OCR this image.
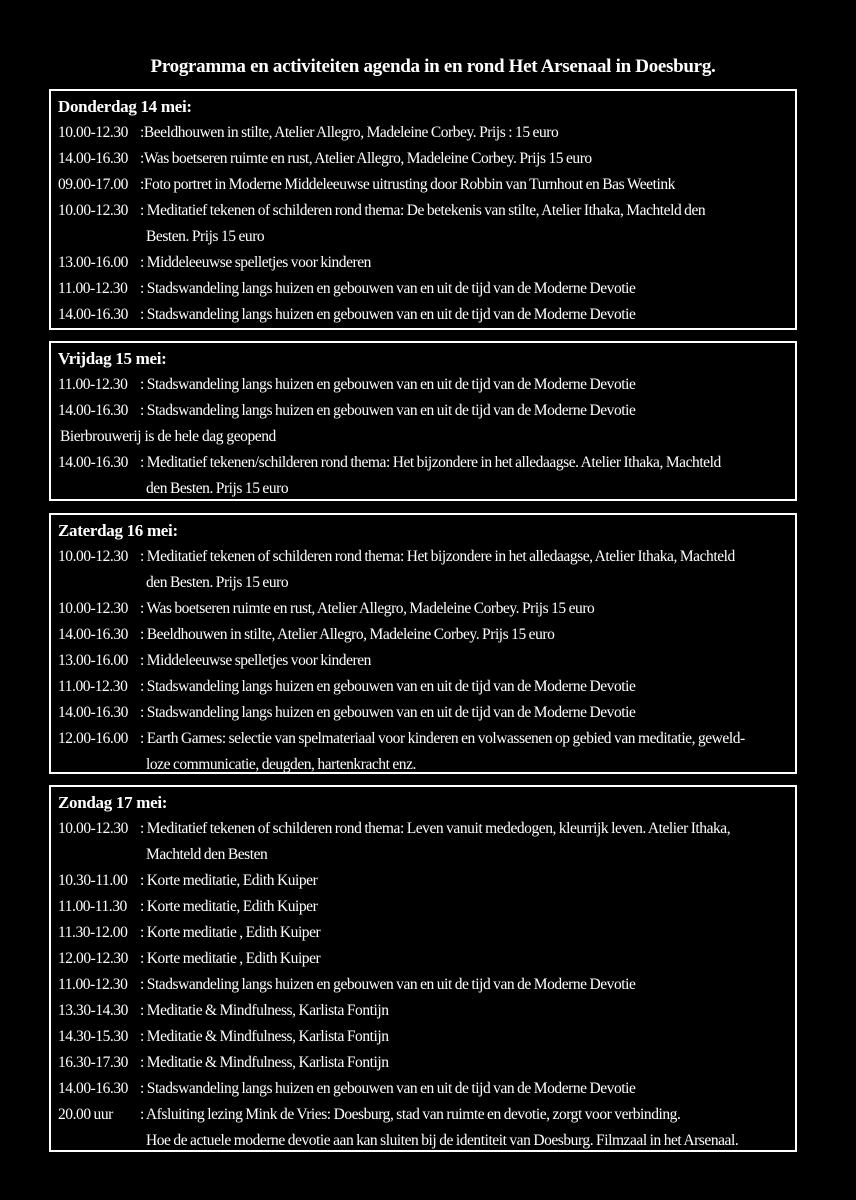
Programma en activiteiten agenda in en rond Het Arsenaal in Doesburg.
Donderdag 14 mei:
10.00-12.30 :Beeldhouwen in stilte, Atelier Allegro, Madeleine Corbey. Prijs : 15 euro
14.00-16.30 :Was boetseren ruimte en rust, Atelier Allegro, Madeleine Corbey. Prijs 15 euro
09.00-17.00 :Foto portret in Moderne Middeleeuwse uitrusting door Robbin van Turnhout en Bas Weetink
10.00-12.30 : Meditatief tekenen of schilderen rond thema: De betekenis van stilte, Atelier Ithaka, Machteld den
Besten. Prijs 15 euro
13.00-16.00 : Middeleeuwse spelletjes voor kinderen
11.00-12.30 : Stadswandeling langs huizen en gebouwen van en uit de tijd van de Moderne Devotie
14.00-16.30 : Stadswandeling langs huizen en gebouwen van en uit de tijd van de Moderne Devotie
Vrijdag 15 mei:
11.00-12.30 : Stadswandeling langs huizen en gebouwen van en uit de tijd van de Moderne Devotie
14.00-16.30 : Stadswandeling langs huizen en gebouwen van en uit de tijd van de Moderne Devotie
Bierbrouwerij is de hele dag geopend
14.00-16.30 : Meditatief tekenen/schilderen rond thema: Het bijzondere in het alledaagse. Atelier Ithaka, Machteld
den Besten. Prijs 15 euro
Zaterdag 16 mei:
10.00-12.30 : Meditatief tekenen of schilderen rond thema: Het bijzondere in het alledaagse, Atelier Ithaka, Machteld
den Besten. Prijs 15 euro
10.00-12.30 : Was boetseren ruimte en rust, Atelier Allegro, Madeleine Corbey. Prijs 15 euro
14.00-16.30 : Beeldhouwen in stilte, Atelier Allegro, Madeleine Corbey. Prijs 15 euro
13.00-16.00 : Middeleeuwse spelletjes voor kinderen
11.00-12.30 : Stadswandeling langs huizen en gebouwen van en uit de tijd van de Moderne Devotie
14.00-16.30 : Stadswandeling langs huizen en gebouwen van en uit de tijd van de Moderne Devotie
12.00-16.00 : Earth Games: selectie van spelmateriaal voor kinderen en volwassenen op gebied van meditatie, geweld-
loze communicatie, deugden, hartenkracht enz.
Zondag 17 mei:
10.00-12.30 : Meditatief tekenen of schilderen rond thema: Leven vanuit mededogen, kleurrijk leven. Atelier Ithaka,
Machteld den Besten
10.30-11.00 : Korte meditatie, Edith Kuiper
11.00-11.30 : Korte meditatie, Edith Kuiper
11.30-12.00 : Korte meditatie , Edith Kuiper
12.00-12.30 : Korte meditatie , Edith Kuiper
11.00-12.30 : Stadswandeling langs huizen en gebouwen van en uit de tijd van de Moderne Devotie
13.30-14.30 : Meditatie & Mindfulness, Karlista Fontijn
14.30-15.30 : Meditatie & Mindfulness, Karlista Fontijn
16.30-17.30 : Meditatie & Mindfulness, Karlista Fontijn
14.00-16.30 : Stadswandeling langs huizen en gebouwen van en uit de tijd van de Moderne Devotie
20.00 uur	: Afsluiting lezing Mink de Vries: Doesburg, stad van ruimte en devotie, zorgt voor verbinding.
Hoe de actuele moderne devotie aan kan sluiten bij de identiteit van Doesburg. Filmzaal in het Arsenaal.
